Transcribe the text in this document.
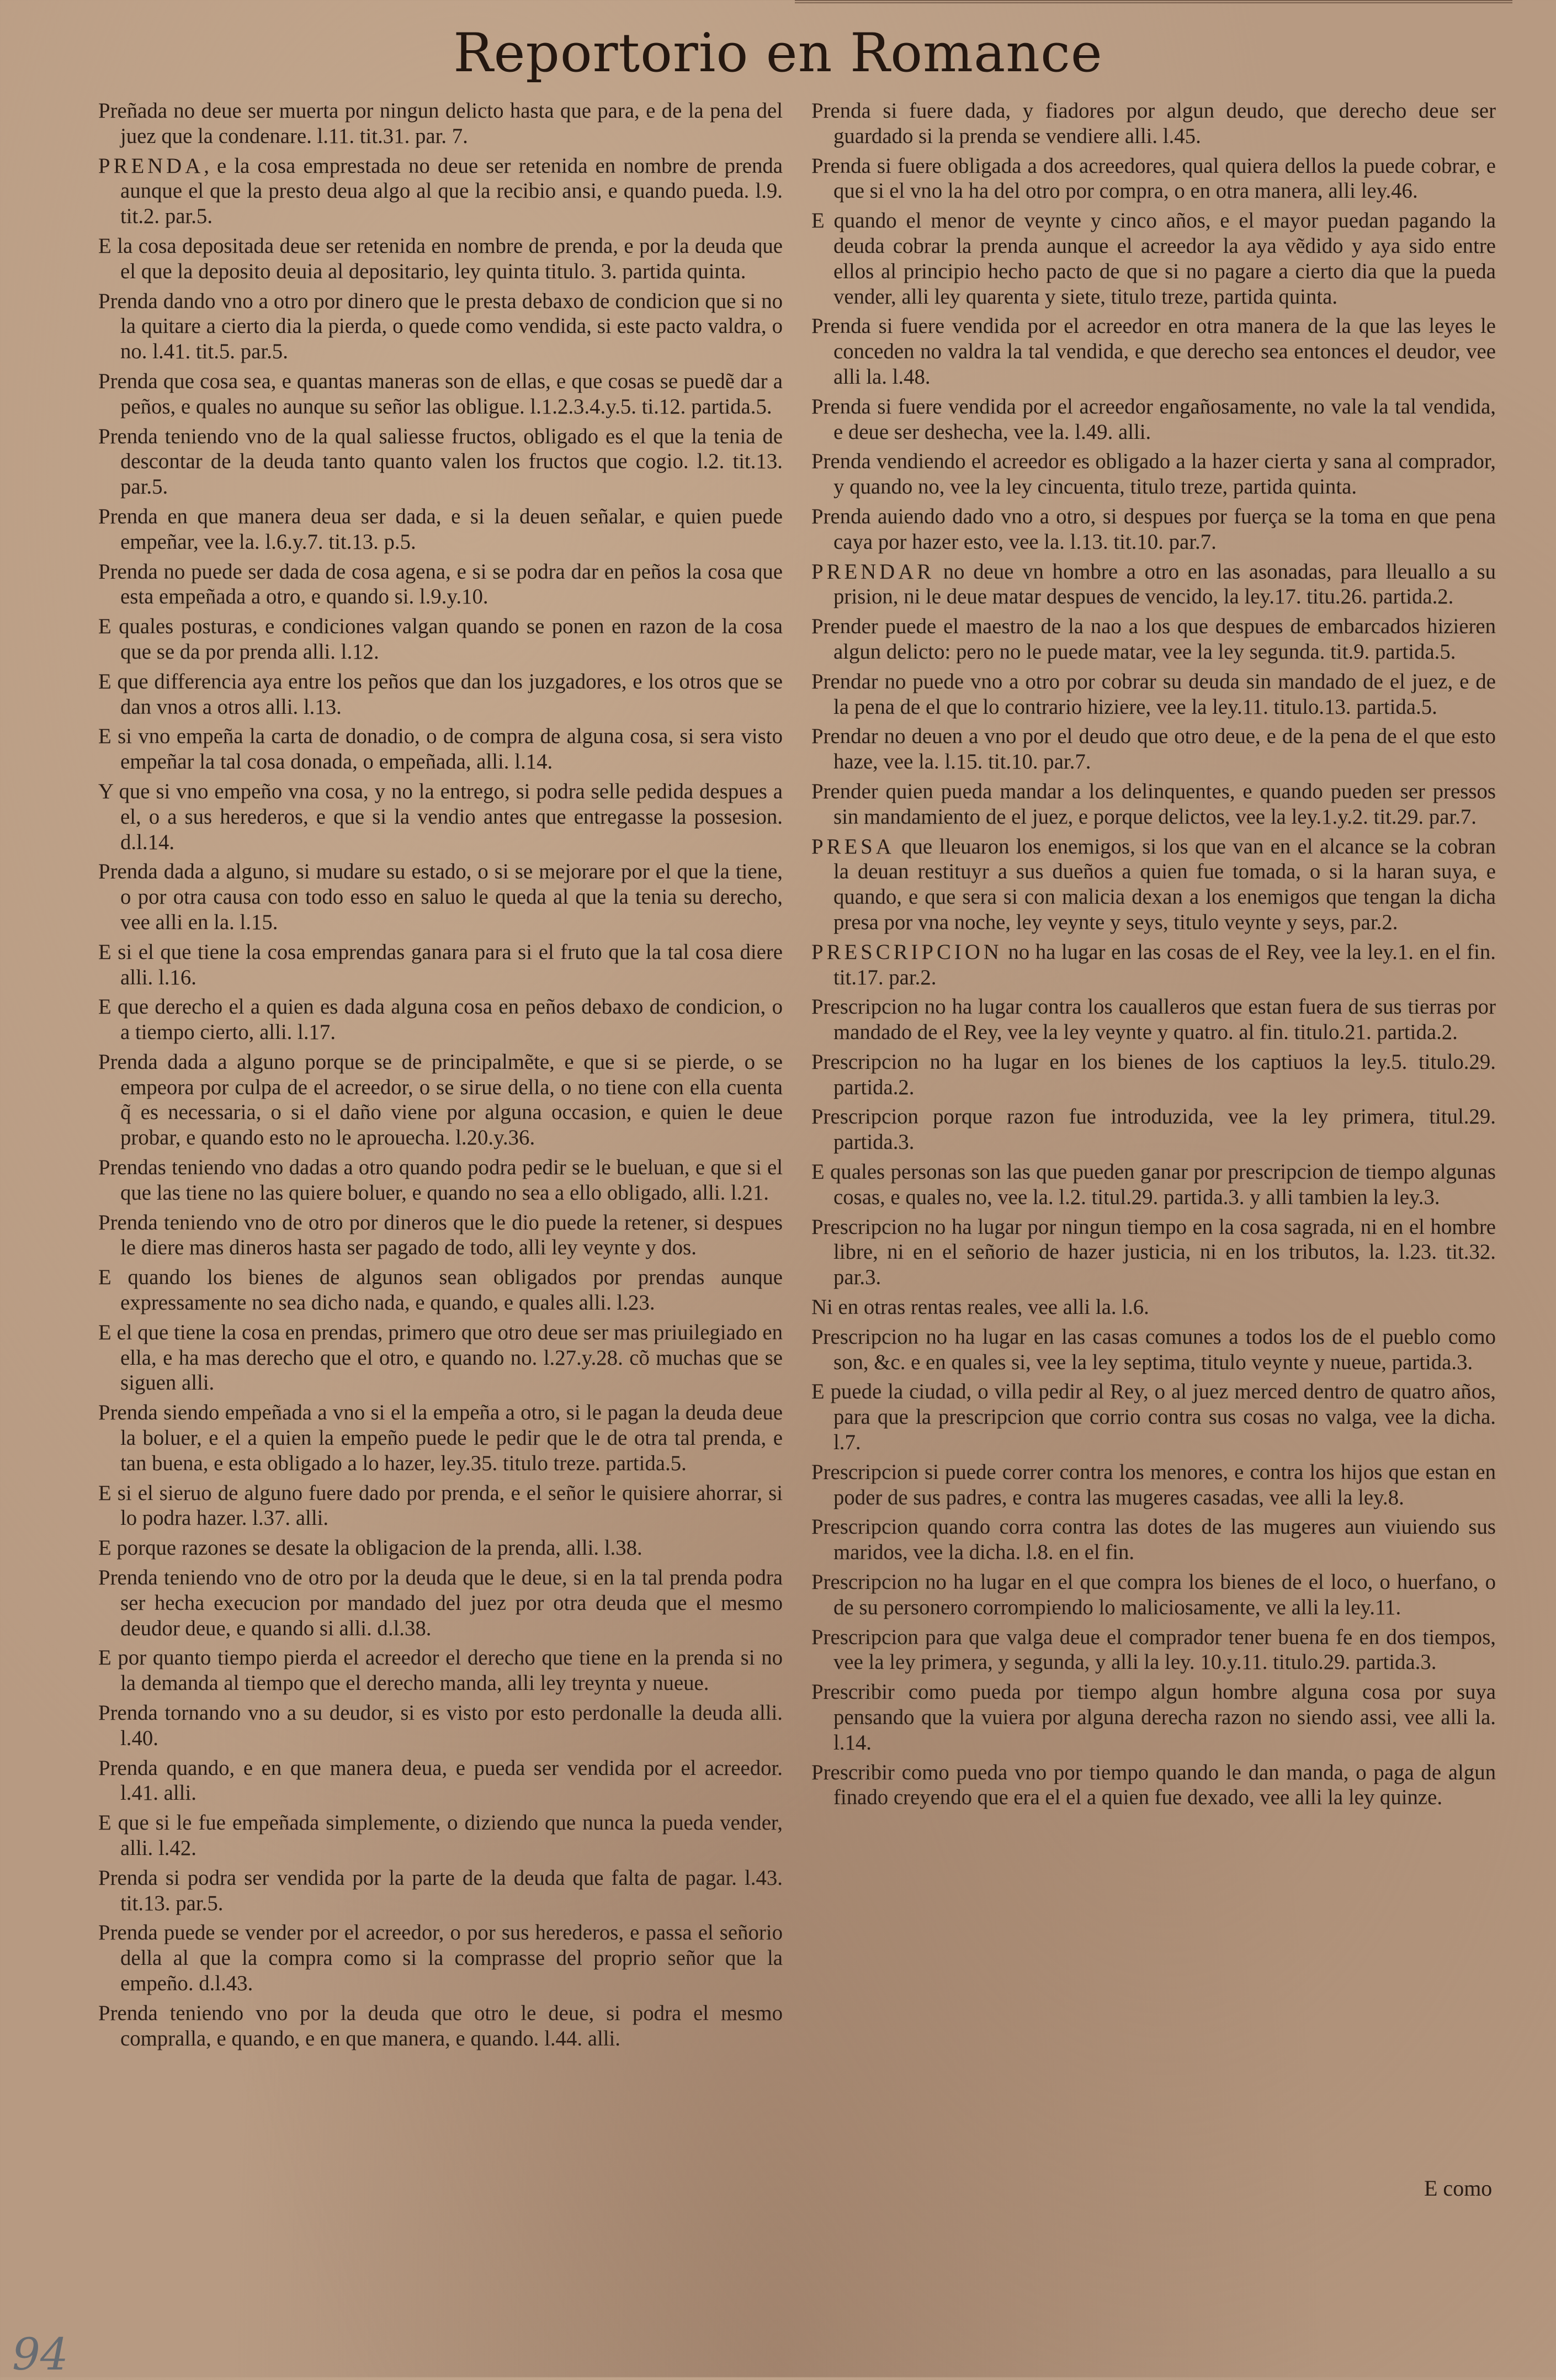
Reportorio en Romance

Preñada no deue ser muerta por ningun delicto hasta que para, e de la pena del juez que la condenare. l.11. tit.31. par. 7.

PRENDA, e la cosa emprestada no deue ser retenida en nombre de prenda aunque el que la presto deua algo al que la recibio ansi, e quando pueda. l.9. tit.2. par.5.

E la cosa depositada deue ser retenida en nombre de prenda, e por la deuda que el que la deposito deuia al depositario, ley quinta titulo. 3. partida quinta.

Prenda dando vno a otro por dinero que le presta debaxo de condicion que si no la quitare a cierto dia la pierda, o quede como vendida, si este pacto valdra, o no. l.41. tit.5. par.5.

Prenda que cosa sea, e quantas maneras son de ellas, e que cosas se puedẽ dar a peños, e quales no aunque su señor las obligue. l.1.2.3.4.y.5. ti.12. partida.5.

Prenda teniendo vno de la qual saliesse fructos, obligado es el que la tenia de descontar de la deuda tanto quanto valen los fructos que cogio. l.2. tit.13. par.5.

Prenda en que manera deua ser dada, e si la deuen señalar, e quien puede empeñar, vee la. l.6.y.7. tit.13. p.5.

Prenda no puede ser dada de cosa agena, e si se podra dar en peños la cosa que esta empeñada a otro, e quando si. l.9.y.10.

E quales posturas, e condiciones valgan quando se ponen en razon de la cosa que se da por prenda alli. l.12.

E que differencia aya entre los peños que dan los juzgadores, e los otros que se dan vnos a otros alli. l.13.

E si vno empeña la carta de donadio, o de compra de alguna cosa, si sera visto empeñar la tal cosa donada, o empeñada, alli. l.14.

Y que si vno empeño vna cosa, y no la entrego, si podra selle pedida despues a el, o a sus herederos, e que si la vendio antes que entregasse la possesion. d.l.14.

Prenda dada a alguno, si mudare su estado, o si se mejorare por el que la tiene, o por otra causa con todo esso en saluo le queda al que la tenia su derecho, vee alli en la. l.15.

E si el que tiene la cosa emprendas ganara para si el fruto que la tal cosa diere alli. l.16.

E que derecho el a quien es dada alguna cosa en peños debaxo de condicion, o a tiempo cierto, alli. l.17.

Prenda dada a alguno porque se de principalmẽte, e que si se pierde, o se empeora por culpa de el acreedor, o se sirue della, o no tiene con ella cuenta q̃ es necessaria, o si el daño viene por alguna occasion, e quien le deue probar, e quando esto no le aprouecha. l.20.y.36.

Prendas teniendo vno dadas a otro quando podra pedir se le bueluan, e que si el que las tiene no las quiere boluer, e quando no sea a ello obligado, alli. l.21.

Prenda teniendo vno de otro por dineros que le dio puede la retener, si despues le diere mas dineros hasta ser pagado de todo, alli ley veynte y dos.

E quando los bienes de algunos sean obligados por prendas aunque expressamente no sea dicho nada, e quando, e quales alli. l.23.

E el que tiene la cosa en prendas, primero que otro deue ser mas priuilegiado en ella, e ha mas derecho que el otro, e quando no. l.27.y.28. cõ muchas que se siguen alli.

Prenda siendo empeñada a vno si el la empeña a otro, si le pagan la deuda deue la boluer, e el a quien la empeño puede le pedir que le de otra tal prenda, e tan buena, e esta obligado a lo hazer, ley.35. titulo treze. partida.5.

E si el sieruo de alguno fuere dado por prenda, e el señor le quisiere ahorrar, si lo podra hazer. l.37. alli.

E porque razones se desate la obligacion de la prenda, alli. l.38.

Prenda teniendo vno de otro por la deuda que le deue, si en la tal prenda podra ser hecha execucion por mandado del juez por otra deuda que el mesmo deudor deue, e quando si alli. d.l.38.

E por quanto tiempo pierda el acreedor el derecho que tiene en la prenda si no la demanda al tiempo que el derecho manda, alli ley treynta y nueue.

Prenda tornando vno a su deudor, si es visto por esto perdonalle la deuda alli. l.40.

Prenda quando, e en que manera deua, e pueda ser vendida por el acreedor. l.41. alli.

E que si le fue empeñada simplemente, o diziendo que nunca la pueda vender, alli. l.42.

Prenda si podra ser vendida por la parte de la deuda que falta de pagar. l.43. tit.13. par.5.

Prenda puede se vender por el acreedor, o por sus herederos, e passa el señorio della al que la compra como si la comprasse del proprio señor que la empeño. d.l.43.

Prenda teniendo vno por la deuda que otro le deue, si podra el mesmo compralla, e quando, e en que manera, e quando. l.44. alli.

Prenda si fuere dada, y fiadores por algun deudo, que derecho deue ser guardado si la prenda se vendiere alli. l.45.

Prenda si fuere obligada a dos acreedores, qual quiera dellos la puede cobrar, e que si el vno la ha del otro por compra, o en otra manera, alli ley.46.

E quando el menor de veynte y cinco años, e el mayor puedan pagando la deuda cobrar la prenda aunque el acreedor la aya vẽdido y aya sido entre ellos al principio hecho pacto de que si no pagare a cierto dia que la pueda vender, alli ley quarenta y siete, titulo treze, partida quinta.

Prenda si fuere vendida por el acreedor en otra manera de la que las leyes le conceden no valdra la tal vendida, e que derecho sea entonces el deudor, vee alli la. l.48.

Prenda si fuere vendida por el acreedor engañosamente, no vale la tal vendida, e deue ser deshecha, vee la. l.49. alli.

Prenda vendiendo el acreedor es obligado a la hazer cierta y sana al comprador, y quando no, vee la ley cincuenta, titulo treze, partida quinta.

Prenda auiendo dado vno a otro, si despues por fuerça se la toma en que pena caya por hazer esto, vee la. l.13. tit.10. par.7.

PRENDAR no deue vn hombre a otro en las asonadas, para lleuallo a su prision, ni le deue matar despues de vencido, la ley.17. titu.26. partida.2.

Prender puede el maestro de la nao a los que despues de embarcados hizieren algun delicto: pero no le puede matar, vee la ley segunda. tit.9. partida.5.

Prendar no puede vno a otro por cobrar su deuda sin mandado de el juez, e de la pena de el que lo contrario hiziere, vee la ley.11. titulo.13. partida.5.

Prendar no deuen a vno por el deudo que otro deue, e de la pena de el que esto haze, vee la. l.15. tit.10. par.7.

Prender quien pueda mandar a los delinquentes, e quando pueden ser pressos sin mandamiento de el juez, e porque delictos, vee la ley.1.y.2. tit.29. par.7.

PRESA que lleuaron los enemigos, si los que van en el alcance se la cobran la deuan restituyr a sus dueños a quien fue tomada, o si la haran suya, e quando, e que sera si con malicia dexan a los enemigos que tengan la dicha presa por vna noche, ley veynte y seys, titulo veynte y seys, par.2.

PRESCRIPCION no ha lugar en las cosas de el Rey, vee la ley.1. en el fin. tit.17. par.2.

Prescripcion no ha lugar contra los caualleros que estan fuera de sus tierras por mandado de el Rey, vee la ley veynte y quatro. al fin. titulo.21. partida.2.

Prescripcion no ha lugar en los bienes de los captiuos la ley.5. titulo.29. partida.2.

Prescripcion porque razon fue introduzida, vee la ley primera, titul.29. partida.3.

E quales personas son las que pueden ganar por prescripcion de tiempo algunas cosas, e quales no, vee la. l.2. titul.29. partida.3. y alli tambien la ley.3.

Prescripcion no ha lugar por ningun tiempo en la cosa sagrada, ni en el hombre libre, ni en el señorio de hazer justicia, ni en los tributos, la. l.23. tit.32. par.3.

Ni en otras rentas reales, vee alli la. l.6.

Prescripcion no ha lugar en las casas comunes a todos los de el pueblo como son, &c. e en quales si, vee la ley septima, titulo veynte y nueue, partida.3.

E puede la ciudad, o villa pedir al Rey, o al juez merced dentro de quatro años, para que la prescripcion que corrio contra sus cosas no valga, vee la dicha. l.7.

Prescripcion si puede correr contra los menores, e contra los hijos que estan en poder de sus padres, e contra las mugeres casadas, vee alli la ley.8.

Prescripcion quando corra contra las dotes de las mugeres aun viuiendo sus maridos, vee la dicha. l.8. en el fin.

Prescripcion no ha lugar en el que compra los bienes de el loco, o huerfano, o de su personero corrompiendo lo maliciosamente, ve alli la ley.11.

Prescripcion para que valga deue el comprador tener buena fe en dos tiempos, vee la ley primera, y segunda, y alli la ley. 10.y.11. titulo.29. partida.3.

Prescribir como pueda por tiempo algun hombre alguna cosa por suya pensando que la vuiera por alguna derecha razon no siendo assi, vee alli la. l.14.

Prescribir como pueda vno por tiempo quando le dan manda, o paga de algun finado creyendo que era el el a quien fue dexado, vee alli la ley quinze.

E como
94
